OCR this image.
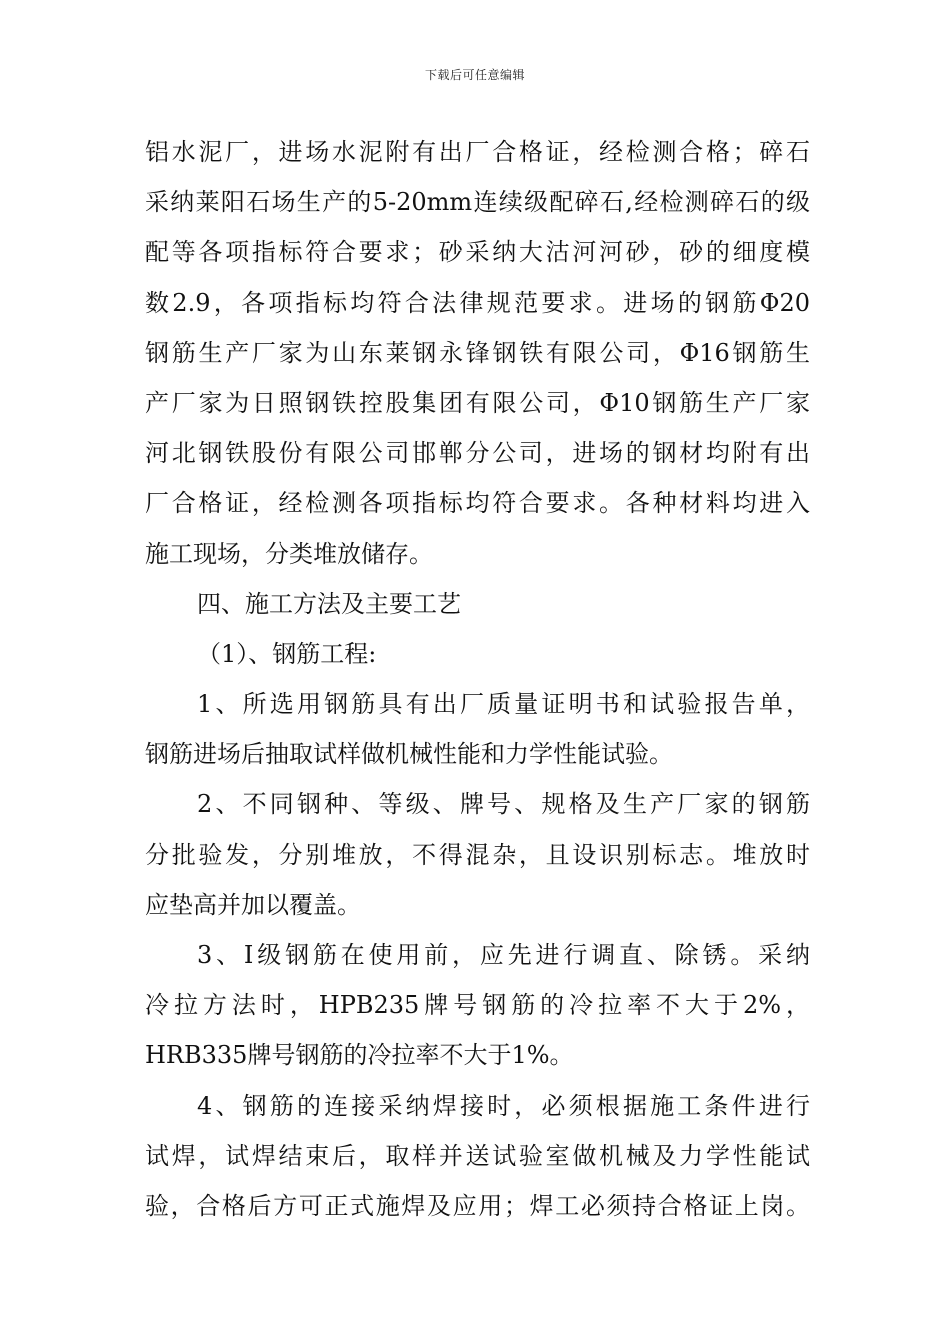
下载后可任意编辑
铝水泥厂，进场水泥附有出厂合格证，经检测合格；碎石
采纳莱阳石场生产的5-20mm连续级配碎石,经检测碎石的级
配等各项指标符合要求；砂采纳大沽河河砂，砂的细度模
数2.9，各项指标均符合法律规范要求。进场的钢筋Φ20
钢筋生产厂家为山东莱钢永锋钢铁有限公司，Φ16钢筋生
产厂家为日照钢铁控股集团有限公司，Φ10钢筋生产厂家
河北钢铁股份有限公司邯郸分公司，进场的钢材均附有出
厂合格证，经检测各项指标均符合要求。各种材料均进入
施工现场，分类堆放储存。
四、施工方法及主要工艺
（1）、钢筋工程:
1、所选用钢筋具有出厂质量证明书和试验报告单，
钢筋进场后抽取试样做机械性能和力学性能试验。
2、不同钢种、等级、牌号、规格及生产厂家的钢筋
分批验发，分别堆放，不得混杂，且设识别标志。堆放时
应垫高并加以覆盖。
3、Ⅰ级钢筋在使用前，应先进行调直、除锈。采纳
冷拉方法时，HPB235牌号钢筋的冷拉率不大于2%，
HRB335牌号钢筋的冷拉率不大于1%。
4、钢筋的连接采纳焊接时，必须根据施工条件进行
试焊，试焊结束后，取样并送试验室做机械及力学性能试
验，合格后方可正式施焊及应用；焊工必须持合格证上岗。
